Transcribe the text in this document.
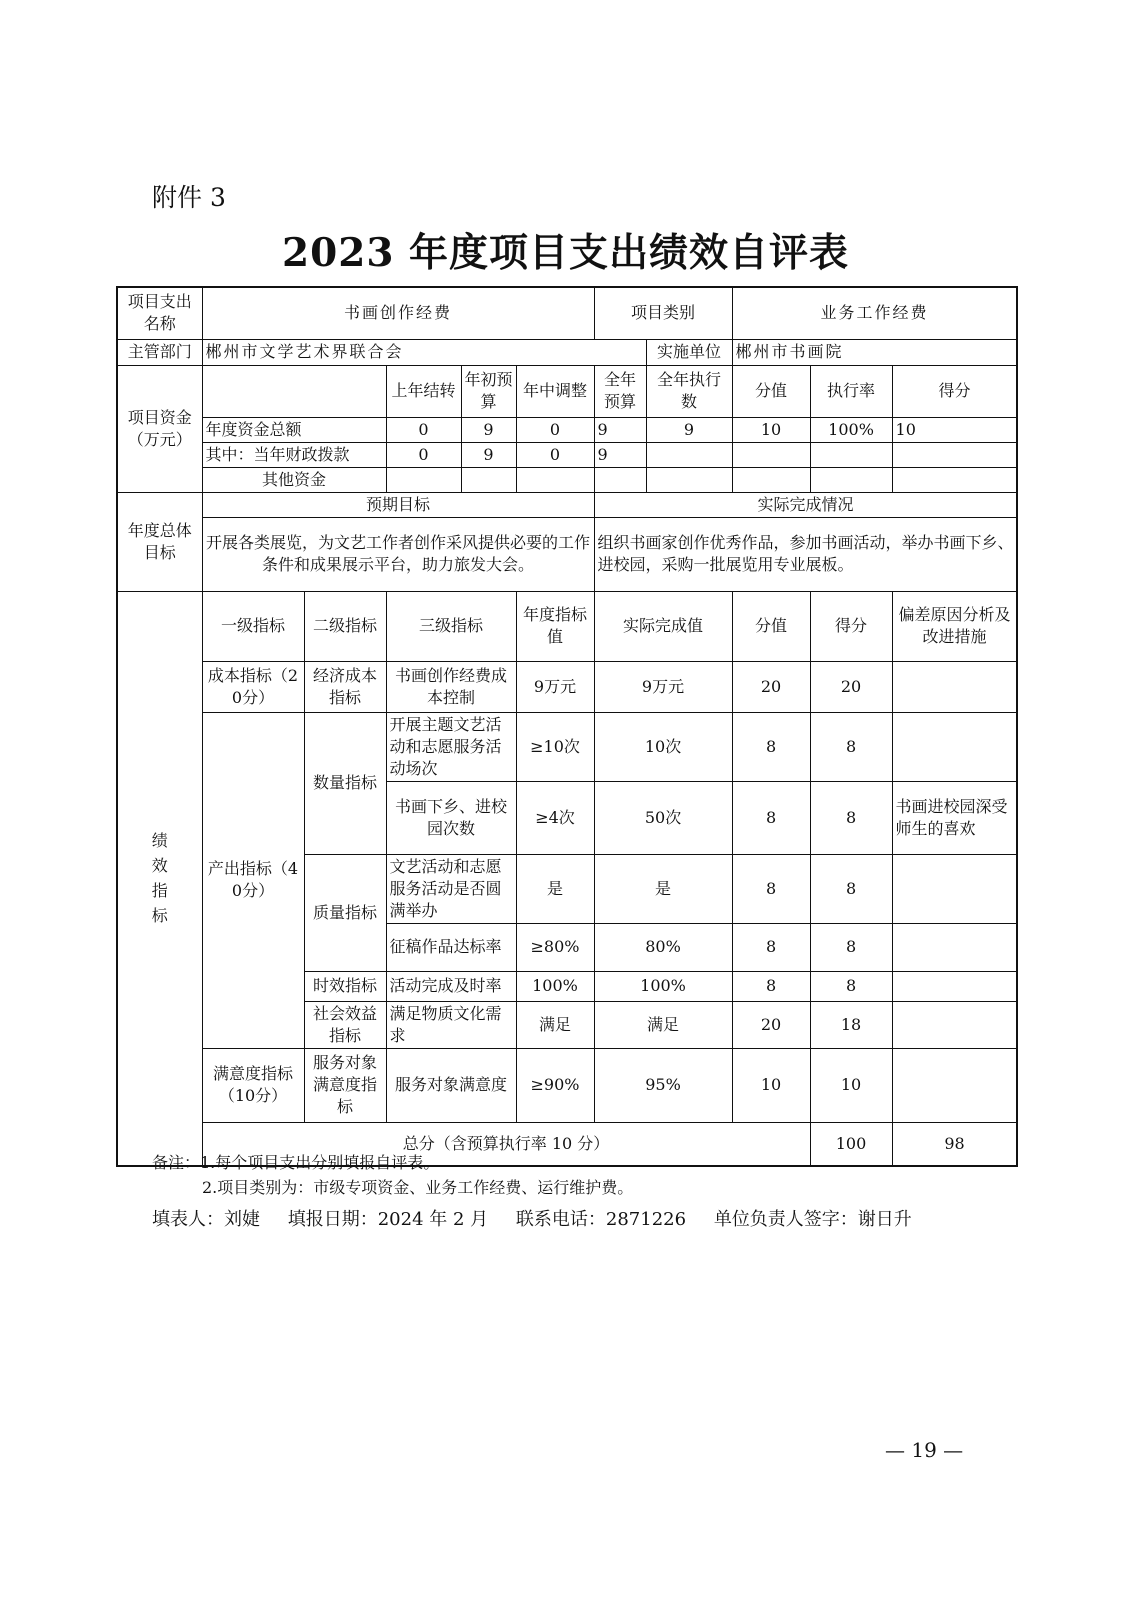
附件 3
2023 年度项目支出绩效自评表
项目支出名称	书画创作经费					项目类别		业务工作经费			
主管部门	郴州市文学艺术界联合会						实施单位	郴州市书画院			
项目资金（万元）			上年结转	年初预算	年中调整	全年预算	全年执行数	分值	执行率	得分	
	年度资金总额		0	9	0	9	9	10	100%	10	
	其中：当年财政拨款		0	9	0	9					
	其他资金										
年度总体目标	预期目标					实际完成情况					
	开展各类展览，为文艺工作者创作采风提供必要的工作条件和成果展示平台，助力旅发大会。					组织书画家创作优秀作品，参加书画活动，举办书画下乡、进校园，采购一批展览用专业展板。					
绩效指标	一级指标	二级指标	三级指标		年度指标值	实际完成值		分值	得分	偏差原因分析及改进措施	
	成本指标（20分）	经济成本指标	书画创作经费成本控制		9万元	9万元		20	20		
	产出指标（40分）	数量指标	开展主题文艺活动和志愿服务活动场次		≥10次	10次		8	8		
			书画下乡、进校园次数		≥4次	50次		8	8	书画进校园深受师生的喜欢	
		质量指标	文艺活动和志愿服务活动是否圆满举办		是	是		8	8		
			征稿作品达标率		≥80%	80%		8	8		
		时效指标	活动完成及时率		100%	100%		8	8		
		社会效益指标	满足物质文化需求		满足	满足		20	18		
	满意度指标（10分）	服务对象满意度指标	服务对象满意度		≥90%	95%		10	10		
	总分（含预算执行率 10 分）								100	98	
备注：1.每个项目支出分别填报自评表。
2.项目类别为：市级专项资金、业务工作经费、运行维护费。
填表人：刘婕 填报日期：2024 年 2 月 联系电话：2871226 单位负责人签字：谢日升
— 19 —
